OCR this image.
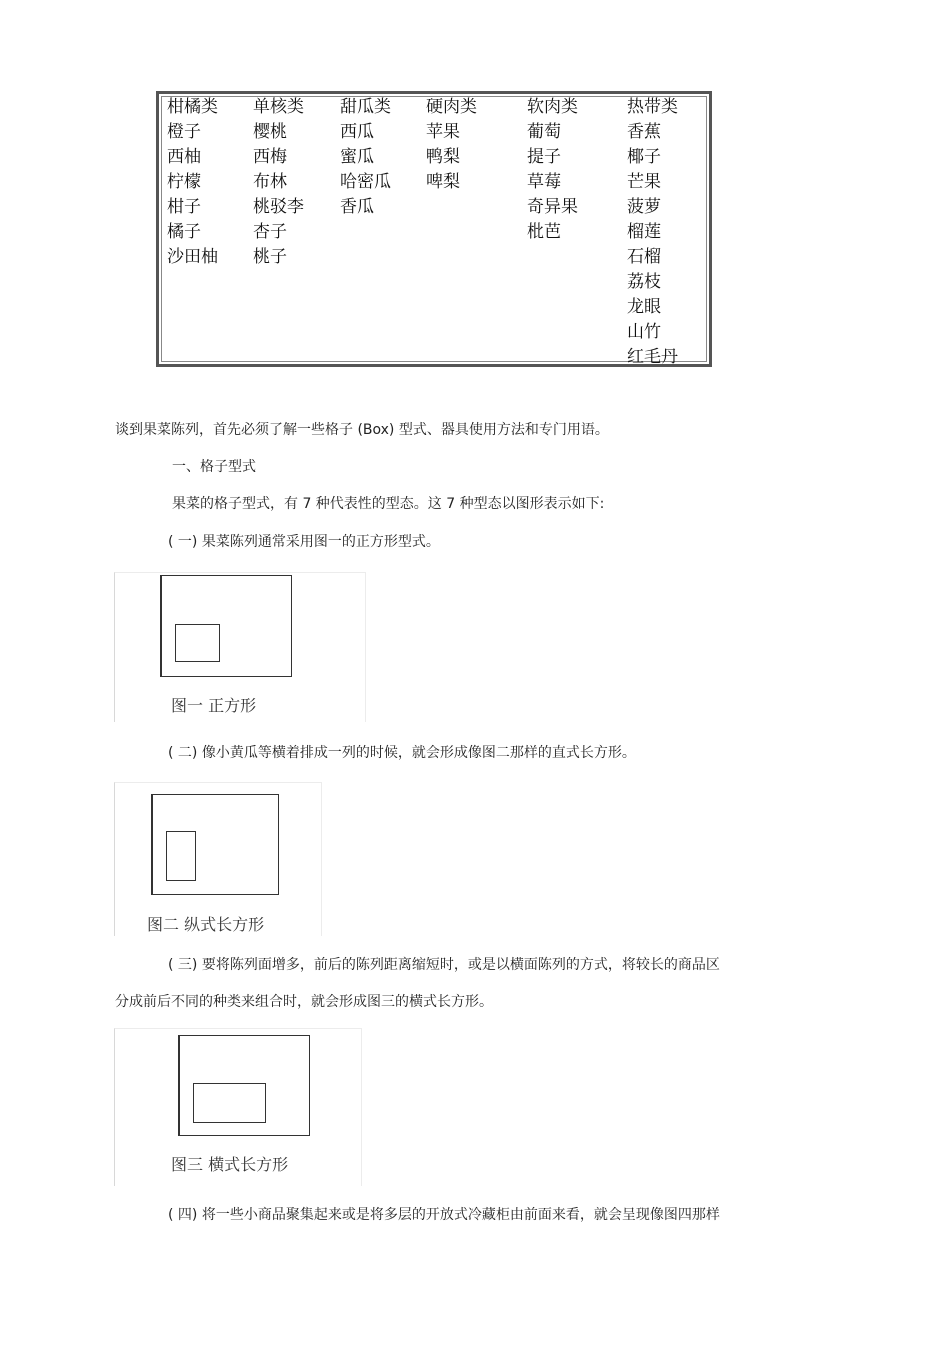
柑橘类
橙子
西柚
柠檬
柑子
橘子
沙田柚
单核类
樱桃
西梅
布林
桃驳李
杏子
桃子
甜瓜类
西瓜
蜜瓜
哈密瓜
香瓜
硬肉类
苹果
鸭梨
啤梨
软肉类
葡萄
提子
草莓
奇异果
枇芭
热带类
香蕉
椰子
芒果
菠萝
榴莲
石榴
荔枝
龙眼
山竹
红毛丹
谈到果菜陈列，首先必须了解一些格子 (Box) 型式、器具使用方法和专门用语。
一、格子型式
果菜的格子型式，有 7 种代表性的型态。这 7 种型态以图形表示如下:
( 一) 果菜陈列通常采用图一的正方形型式。
图一 正方形
( 二) 像小黄瓜等横着排成一列的时候，就会形成像图二那样的直式长方形。
图二 纵式长方形
( 三) 要将陈列面增多，前后的陈列距离缩短时，或是以横面陈列的方式，将较长的商品区
分成前后不同的种类来组合时，就会形成图三的横式长方形。
图三 横式长方形
( 四) 将一些小商品聚集起来或是将多层的开放式冷藏柜由前面来看，就会呈现像图四那样
